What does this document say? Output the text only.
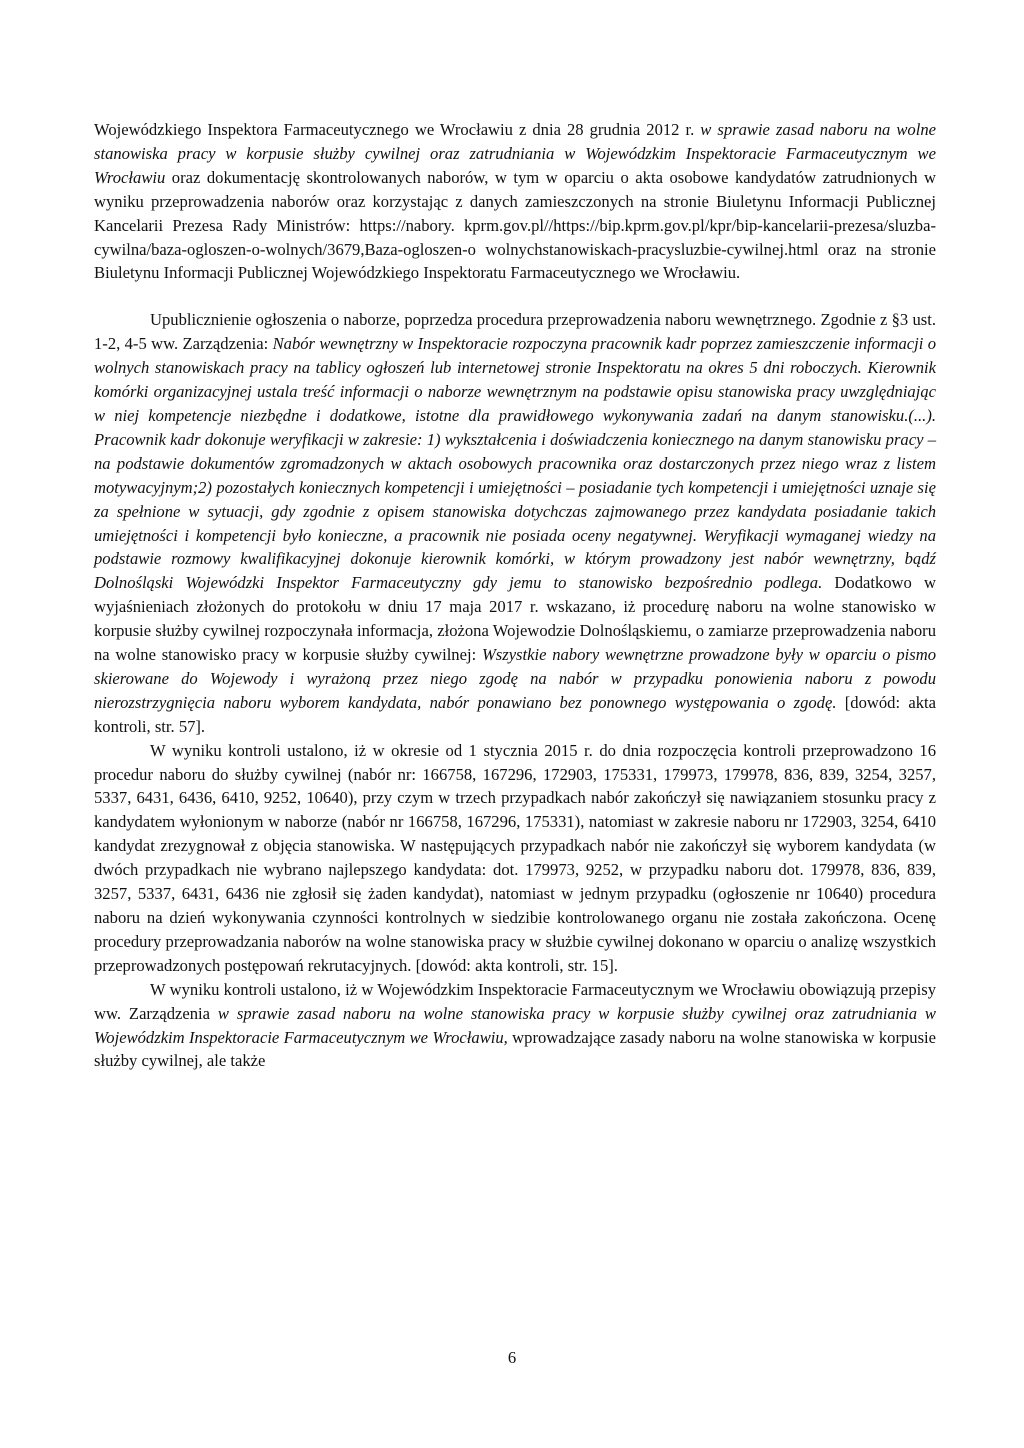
Wojewódzkiego Inspektora Farmaceutycznego we Wrocławiu z dnia 28 grudnia 2012 r. w sprawie zasad naboru na wolne stanowiska pracy w korpusie służby cywilnej oraz zatrudniania w Wojewódzkim Inspektoracie Farmaceutycznym we Wrocławiu oraz dokumentację skontrolowanych naborów, w tym w oparciu o akta osobowe kandydatów zatrudnionych w wyniku przeprowadzenia naborów oraz korzystając z danych zamieszczonych na stronie Biuletynu Informacji Publicznej Kancelarii Prezesa Rady Ministrów: https://nabory. kprm.gov.pl//https://bip.kprm.gov.pl/kpr/bip-kancelarii-prezesa/sluzba-cywilna/baza-ogloszen-o-wolnych/3679,Baza-ogloszen-o wolnychstanowiskach-pracysluzbie-cywilnej.html oraz na stronie Biuletynu Informacji Publicznej Wojewódzkiego Inspektoratu Farmaceutycznego we Wrocławiu.

Upublicznienie ogłoszenia o naborze, poprzedza procedura przeprowadzenia naboru wewnętrznego. Zgodnie z §3 ust. 1-2, 4-5 ww. Zarządzenia: Nabór wewnętrzny w Inspektoracie rozpoczyna pracownik kadr poprzez zamieszczenie informacji o wolnych stanowiskach pracy na tablicy ogłoszeń lub internetowej stronie Inspektoratu na okres 5 dni roboczych. Kierownik komórki organizacyjnej ustala treść informacji o naborze wewnętrznym na podstawie opisu stanowiska pracy uwzględniając w niej kompetencje niezbędne i dodatkowe, istotne dla prawidłowego wykonywania zadań na danym stanowisku.(...). Pracownik kadr dokonuje weryfikacji w zakresie: 1) wykształcenia i doświadczenia koniecznego na danym stanowisku pracy – na podstawie dokumentów zgromadzonych w aktach osobowych pracownika oraz dostarczonych przez niego wraz z listem motywacyjnym;2) pozostałych koniecznych kompetencji i umiejętności – posiadanie tych kompetencji i umiejętności uznaje się za spełnione w sytuacji, gdy zgodnie z opisem stanowiska dotychczas zajmowanego przez kandydata posiadanie takich umiejętności i kompetencji było konieczne, a pracownik nie posiada oceny negatywnej. Weryfikacji wymaganej wiedzy na podstawie rozmowy kwalifikacyjnej dokonuje kierownik komórki, w którym prowadzony jest nabór wewnętrzny, bądź Dolnośląski Wojewódzki Inspektor Farmaceutyczny gdy jemu to stanowisko bezpośrednio podlega. Dodatkowo w wyjaśnieniach złożonych do protokołu w dniu 17 maja 2017 r. wskazano, iż procedurę naboru na wolne stanowisko w korpusie służby cywilnej rozpoczynała informacja, złożona Wojewodzie Dolnośląskiemu, o zamiarze przeprowadzenia naboru na wolne stanowisko pracy w korpusie służby cywilnej: Wszystkie nabory wewnętrzne prowadzone były w oparciu o pismo skierowane do Wojewody i wyrażoną przez niego zgodę na nabór w przypadku ponowienia naboru z powodu nierozstrzygnięcia naboru wyborem kandydata, nabór ponawiano bez ponownego występowania o zgodę. [dowód: akta kontroli, str. 57].

W wyniku kontroli ustalono, iż w okresie od 1 stycznia 2015 r. do dnia rozpoczęcia kontroli przeprowadzono 16 procedur naboru do służby cywilnej (nabór nr: 166758, 167296, 172903, 175331, 179973, 179978, 836, 839, 3254, 3257, 5337, 6431, 6436, 6410, 9252, 10640), przy czym w trzech przypadkach nabór zakończył się nawiązaniem stosunku pracy z kandydatem wyłonionym w naborze (nabór nr 166758, 167296, 175331), natomiast w zakresie naboru nr 172903, 3254, 6410 kandydat zrezygnował z objęcia stanowiska. W następujących przypadkach nabór nie zakończył się wyborem kandydata (w dwóch przypadkach nie wybrano najlepszego kandydata: dot. 179973, 9252, w przypadku naboru dot. 179978, 836, 839, 3257, 5337, 6431, 6436 nie zgłosił się żaden kandydat), natomiast w jednym przypadku (ogłoszenie nr 10640) procedura naboru na dzień wykonywania czynności kontrolnych w siedzibie kontrolowanego organu nie została zakończona. Ocenę procedury przeprowadzania naborów na wolne stanowiska pracy w służbie cywilnej dokonano w oparciu o analizę wszystkich przeprowadzonych postępowań rekrutacyjnych. [dowód: akta kontroli, str. 15].

W wyniku kontroli ustalono, iż w Wojewódzkim Inspektoracie Farmaceutycznym we Wrocławiu obowiązują przepisy ww. Zarządzenia w sprawie zasad naboru na wolne stanowiska pracy w korpusie służby cywilnej oraz zatrudniania w Wojewódzkim Inspektoracie Farmaceutycznym we Wrocławiu, wprowadzające zasady naboru na wolne stanowiska w korpusie służby cywilnej, ale także

6
